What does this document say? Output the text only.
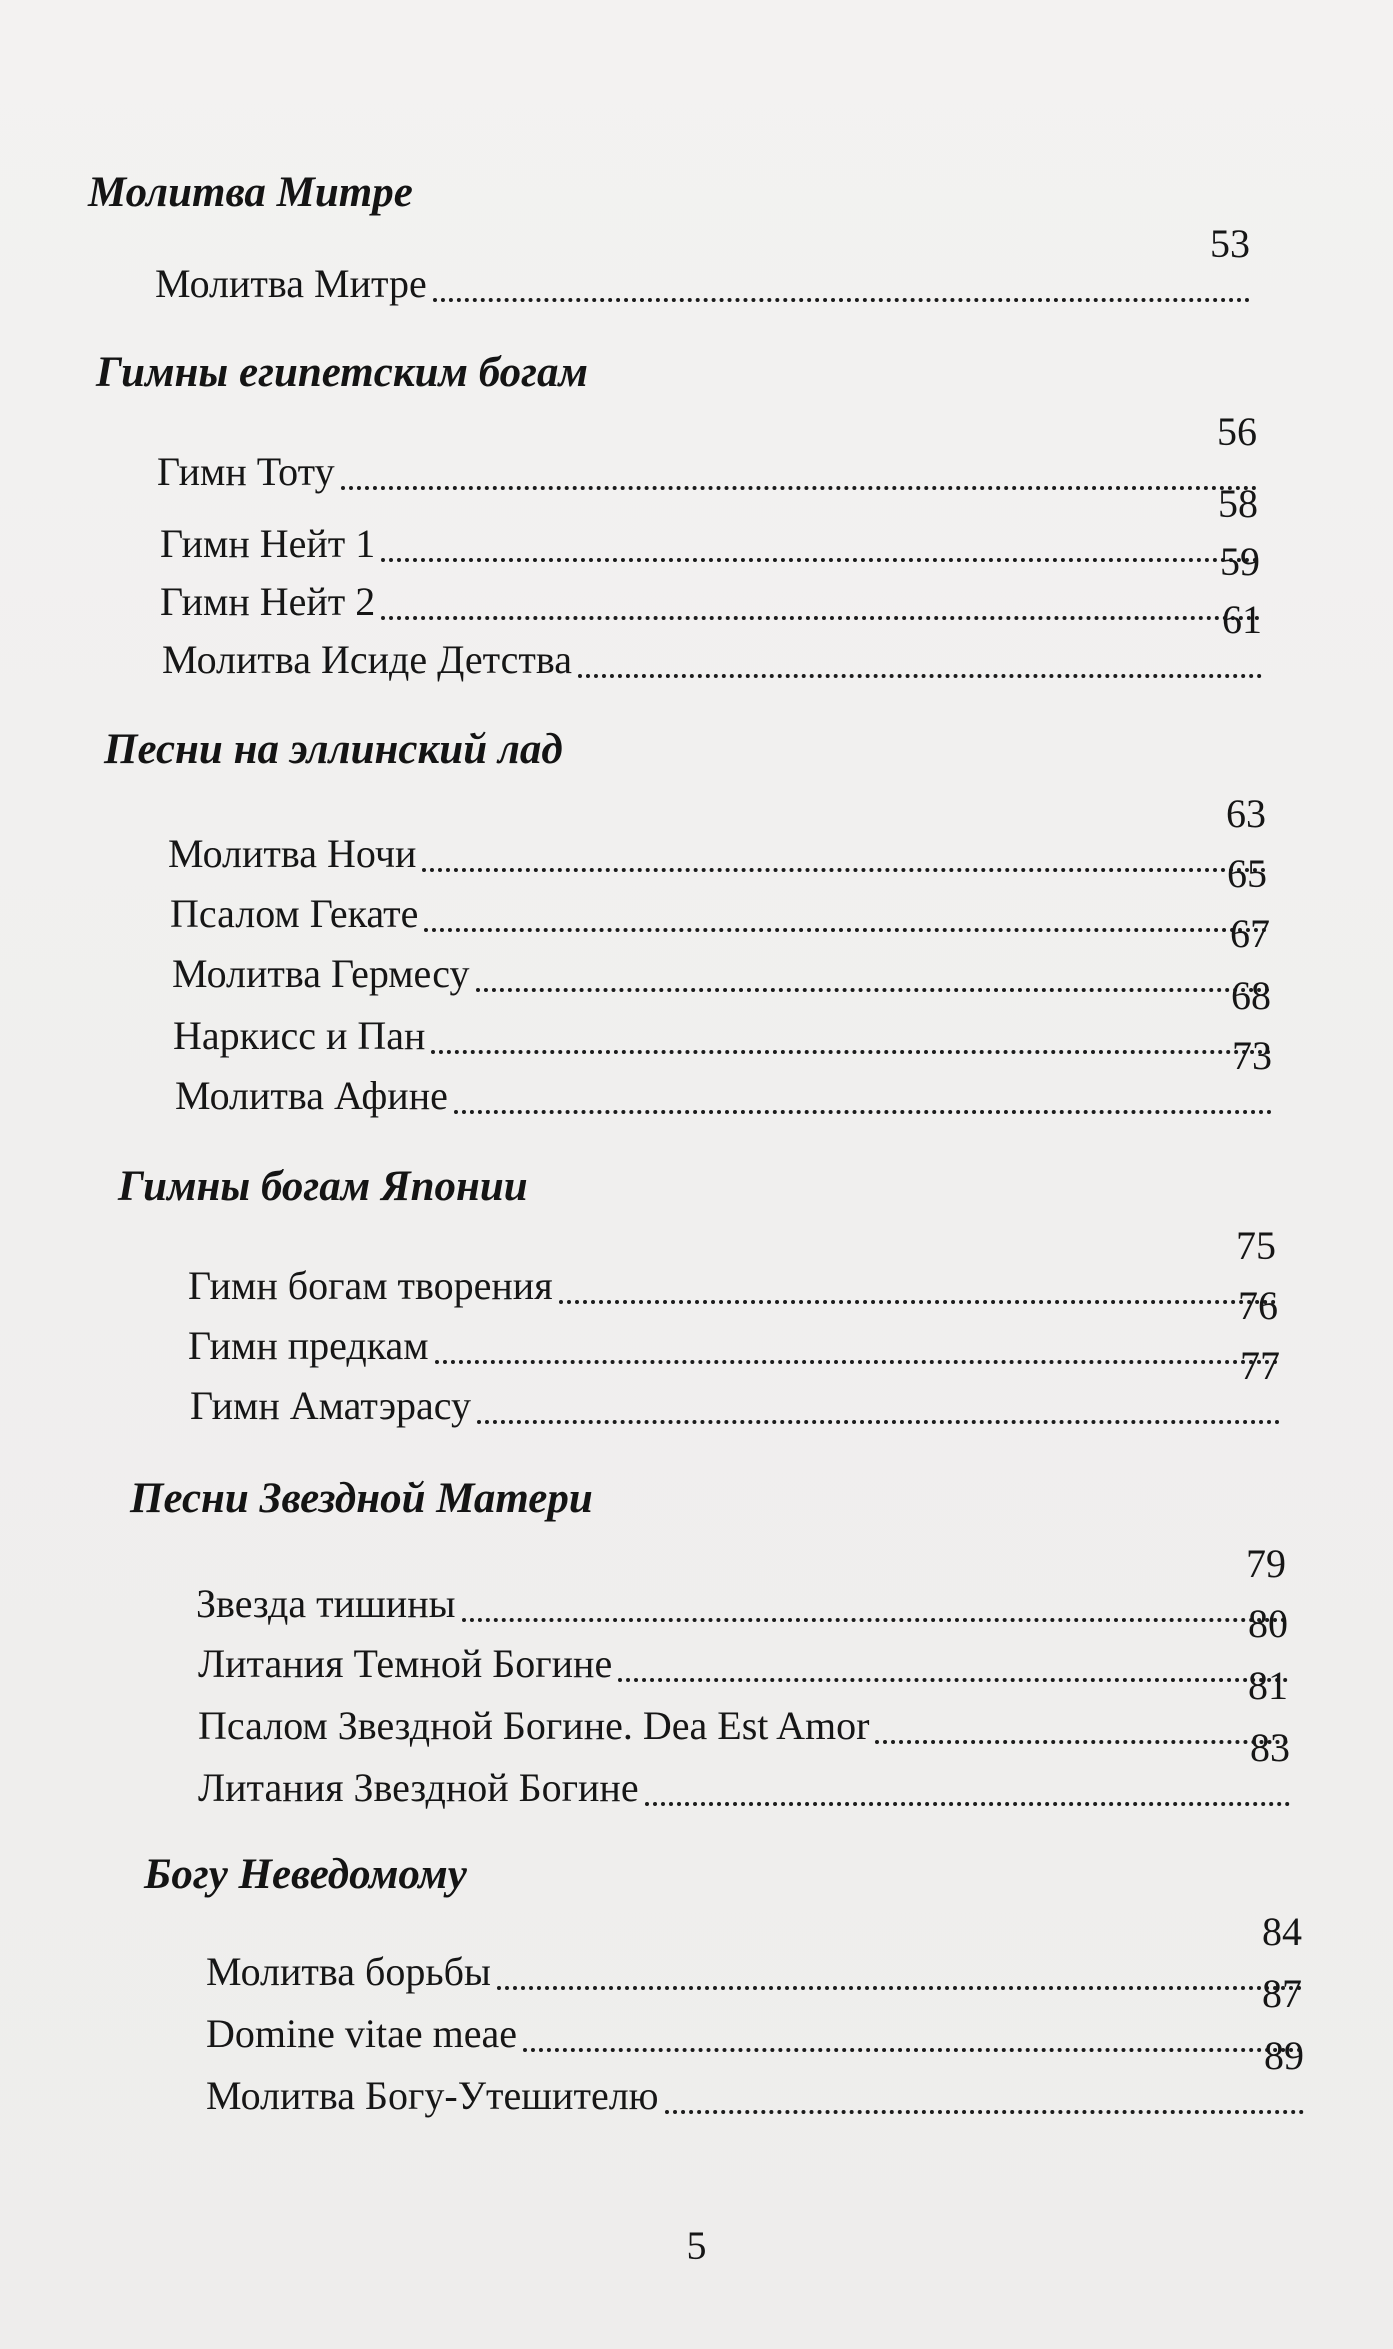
Молитва Митре
Молитва Митре
53
Гимны египетским богам
Гимн Тоту
56
Гимн Нейт 1
58
Гимн Нейт 2
59
Молитва Исиде Детства
61
Песни на эллинский лад
Молитва Ночи
63
Псалом Гекате
65
Молитва Гермесу
67
Наркисс и Пан
68
Молитва Афине
73
Гимны богам Японии
Гимн богам творения
75
Гимн предкам
76
Гимн Аматэрасу
77
Песни Звездной Матери
Звезда тишины
79
Литания Темной Богине
80
Псалом Звездной Богине. Dea Est Amor
81
Литания Звездной Богине
83
Богу Неведомому
Молитва борьбы
84
Domine vitae meae
87
Молитва Богу-Утешителю
89
5
